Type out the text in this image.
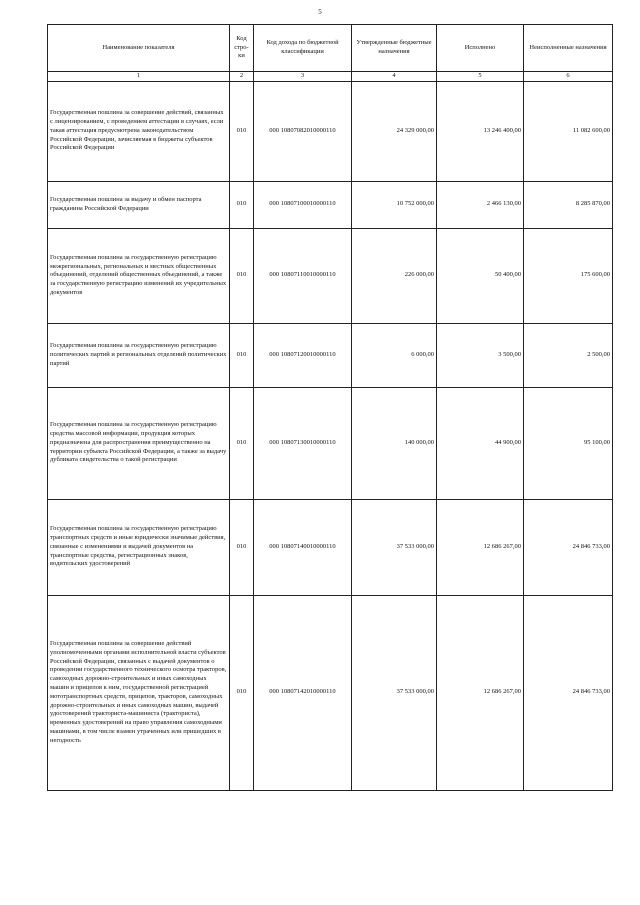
5
Наименование показателя	Код стро-ки	Код дохода по бюджетной классификации	Утвержденные бюджетные назначения	Исполнено	Неисполненные назначения
1	2	3	4	5	6
Государственная пошлина за совершение действий, связанных с лицензированием, с проведением аттестации в случаях, если такая аттестация предусмотрена законодательством Российской Федерации, зачисляемая в бюджеты субъектов Российской Федерации	010	000 10807082010000110	24 329 000,00	13 246 400,00	11 082 600,00
Государственная пошлина за выдачу и обмен паспорта гражданина Российской Федерации	010	000 10807100010000110	10 752 000,00	2 466 130,00	8 285 870,00
Государственная пошлина за государственную регистрацию межрегиональных, региональных и местных общественных объединений, отделений общественных объединений, а также за государственную регистрацию изменений их учредительных документов	010	000 10807110010000110	226 000,00	50 400,00	175 600,00
Государственная пошлина за государственную регистрацию политических партий и региональных отделений политических партий	010	000 10807120010000110	6 000,00	3 500,00	2 500,00
Государственная пошлина за государственную регистрацию средства массовой информации, продукция которых предназначена для распространения преимущественно на территории субъекта Российской Федерации, а также за выдачу дубликата свидетельства о такой регистрации	010	000 10807130010000110	140 000,00	44 900,00	95 100,00
Государственная пошлина за государственную регистрацию транспортных средств и иные юридически значимые действия, связанные с изменениями и выдачей документов на транспортные средства, регистрационных знаков, водительских удостоверений	010	000 10807140010000110	37 533 000,00	12 686 267,00	24 846 733,00
Государственная пошлина за совершение действий уполномоченными органами исполнительной власти субъектов Российской Федерации, связанных с выдачей документов о проведении государственного технического осмотра тракторов, самоходных дорожно-строительных и иных самоходных машин и прицепов к ним, государственной регистрацией мототранспортных средств, прицепов, тракторов, самоходных дорожно-строительных и иных самоходных машин, выдачей удостоверений тракториста-машиниста (тракториста), временных удостоверений на право управления самоходными машинами, в том числе взамен утраченных или пришедших в негодность	010	000 10807142010000110	37 533 000,00	12 686 267,00	24 846 733,00
